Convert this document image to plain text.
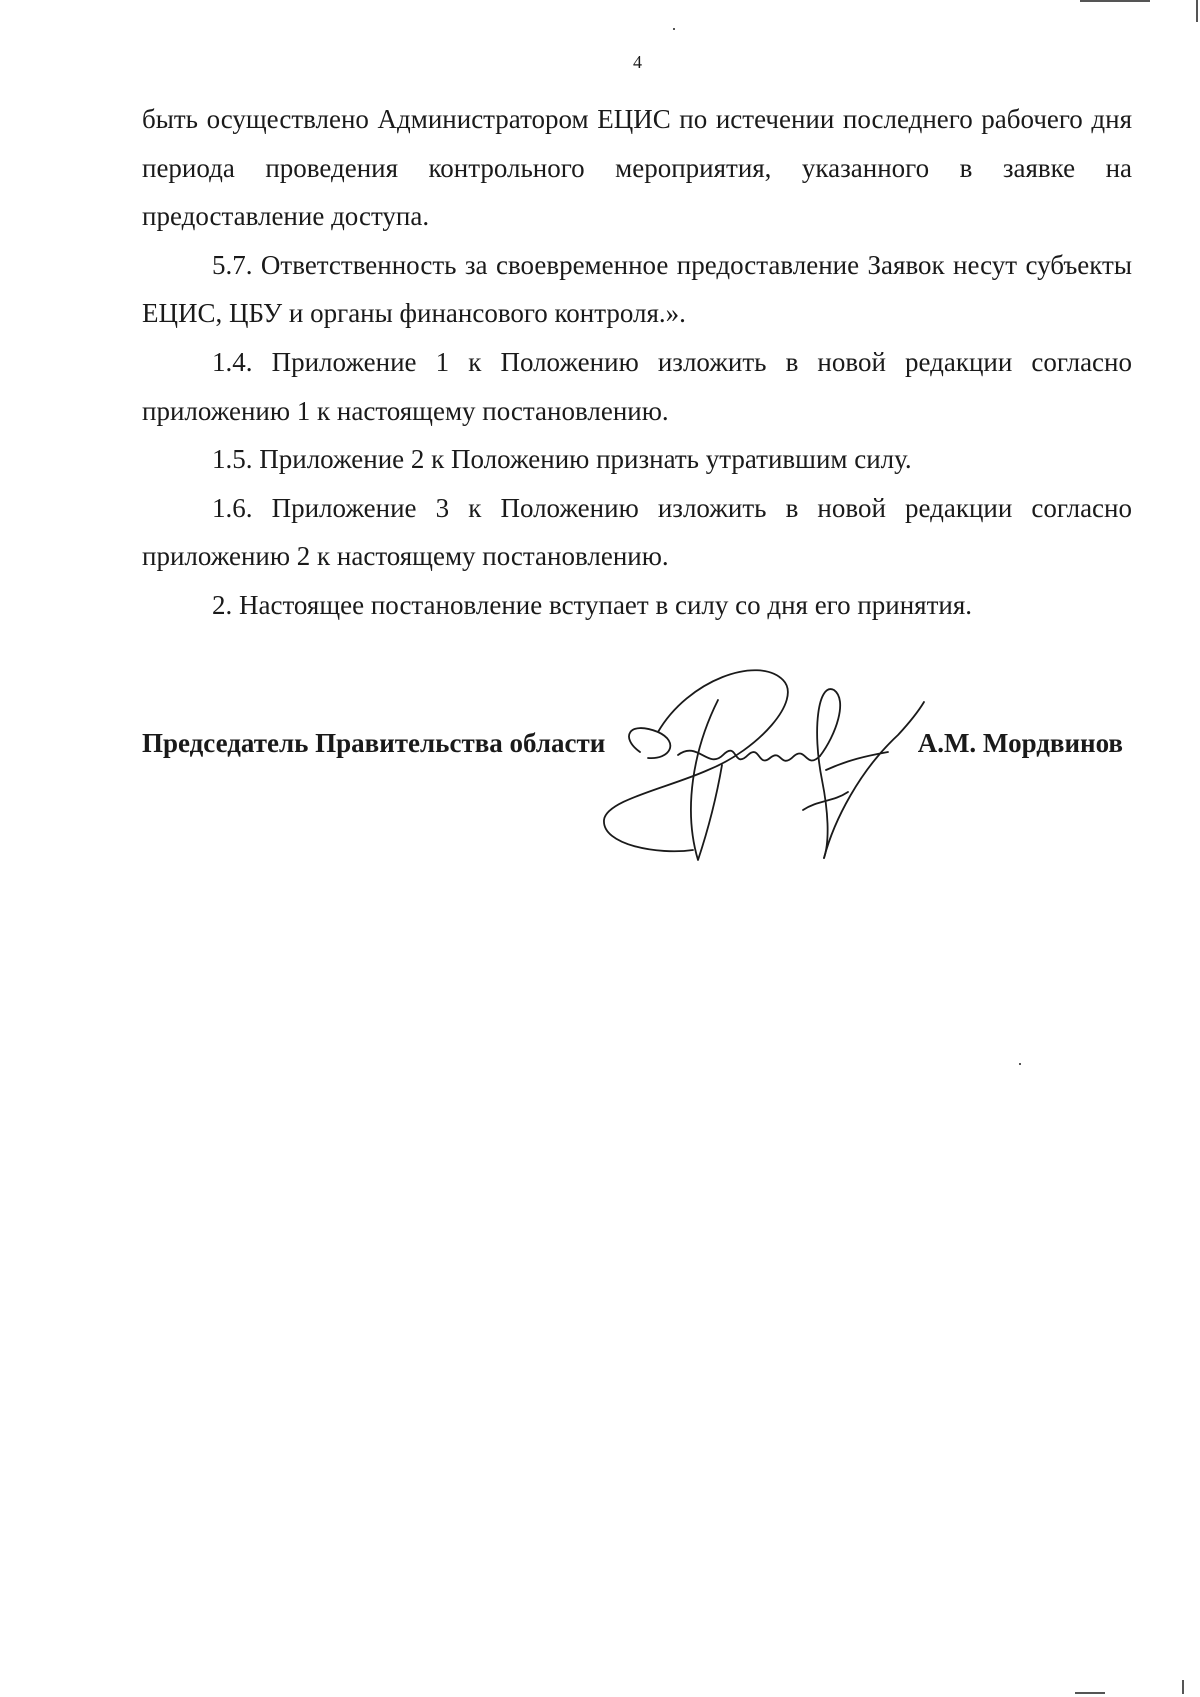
4

быть осуществлено Администратором ЕЦИС по истечении последнего рабочего дня периода проведения контрольного мероприятия, указанного в заявке на предоставление доступа.

5.7. Ответственность за своевременное предоставление Заявок несут субъекты ЕЦИС, ЦБУ и органы финансового контроля.».

1.4. Приложение 1 к Положению изложить в новой редакции согласно приложению 1 к настоящему постановлению.

1.5. Приложение 2 к Положению признать утратившим силу.

1.6. Приложение 3 к Положению изложить в новой редакции согласно приложению 2 к настоящему постановлению.

2. Настоящее постановление вступает в силу со дня его принятия.

Председатель Правительства области	А.М. Мордвинов
